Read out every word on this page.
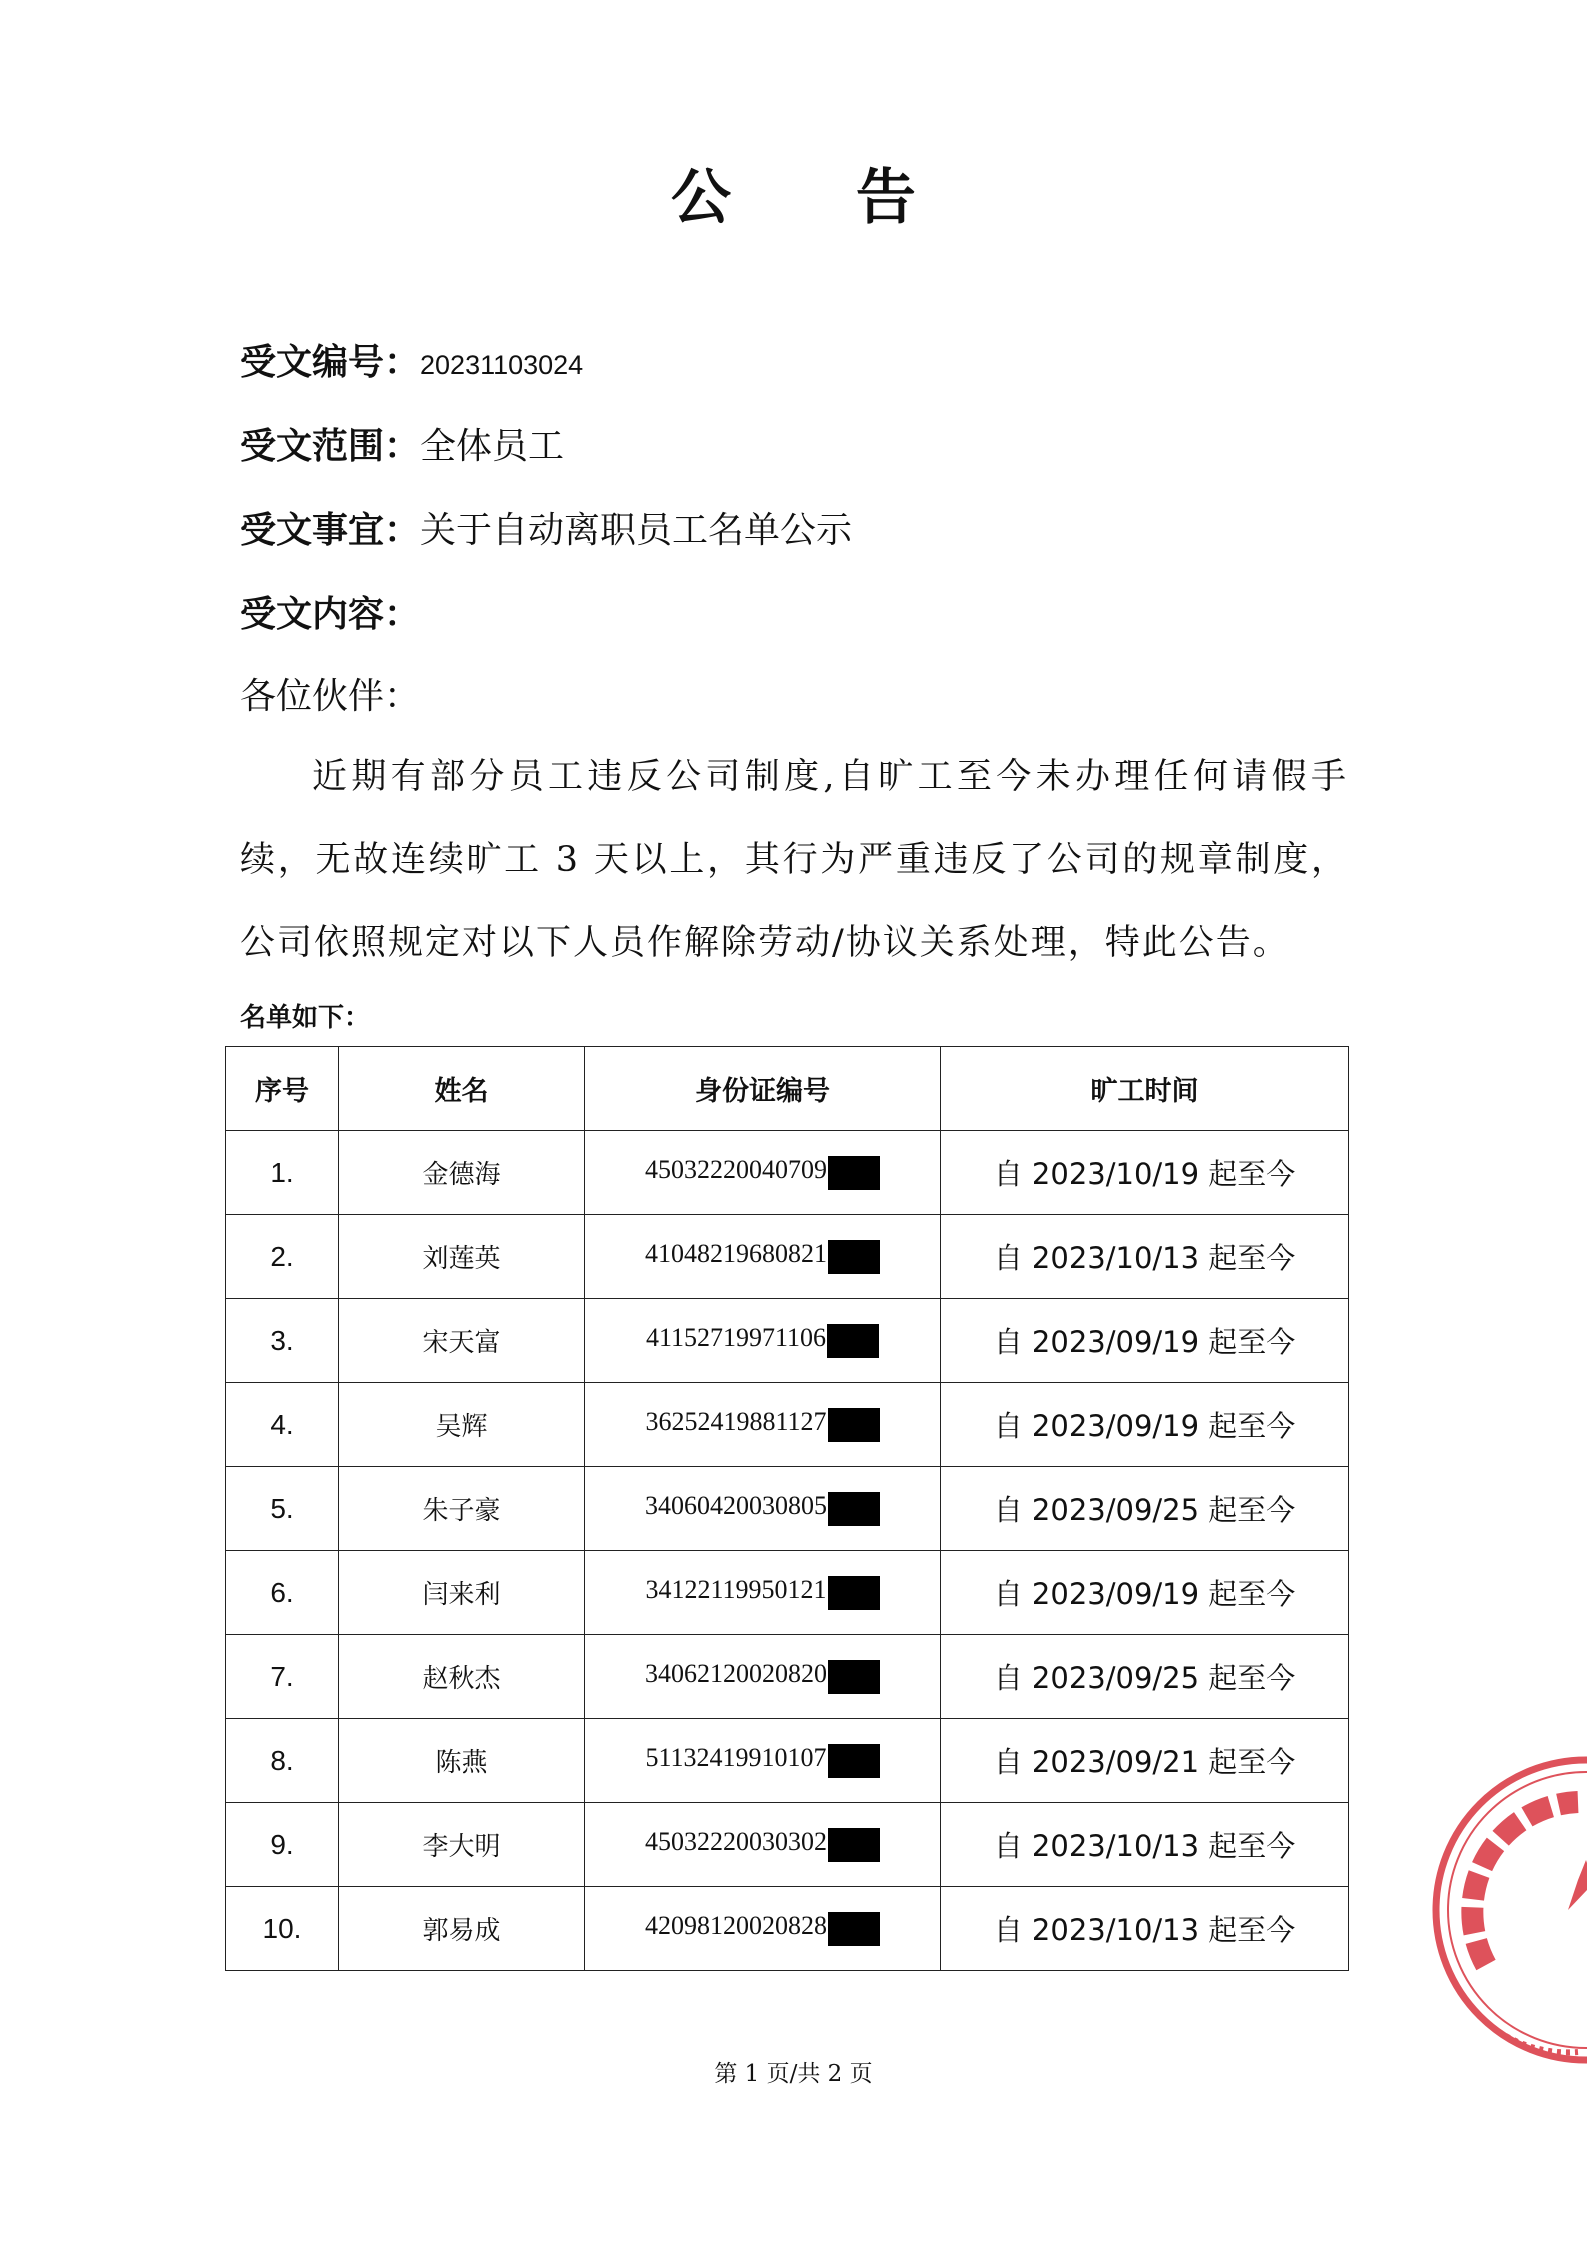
公 告
受文编号：20231103024
受文范围：全体员工
受文事宜：关于自动离职员工名单公示
受文内容：
各位伙伴：

近期有部分员工违反公司制度,自旷工至今未办理任何请假手续，无故连续旷工 3 天以上，其行为严重违反了公司的规章制度，公司依照规定对以下人员作解除劳动/协议关系处理，特此公告。

名单如下：
序号	姓名	身份证编号	旷工时间
1.	金德海	45032220040709	自 2023/10/19 起至今
2.	刘莲英	41048219680821	自 2023/10/13 起至今
3.	宋天富	41152719971106	自 2023/09/19 起至今
4.	吴辉	36252419881127	自 2023/09/19 起至今
5.	朱子豪	34060420030805	自 2023/09/25 起至今
6.	闫来利	34122119950121	自 2023/09/19 起至今
7.	赵秋杰	34062120020820	自 2023/09/25 起至今
8.	陈燕	51132419910107	自 2023/09/21 起至今
9.	李大明	45032220030302	自 2023/10/13 起至今
10.	郭易成	42098120020828	自 2023/10/13 起至今
第 1 页/共 2 页
